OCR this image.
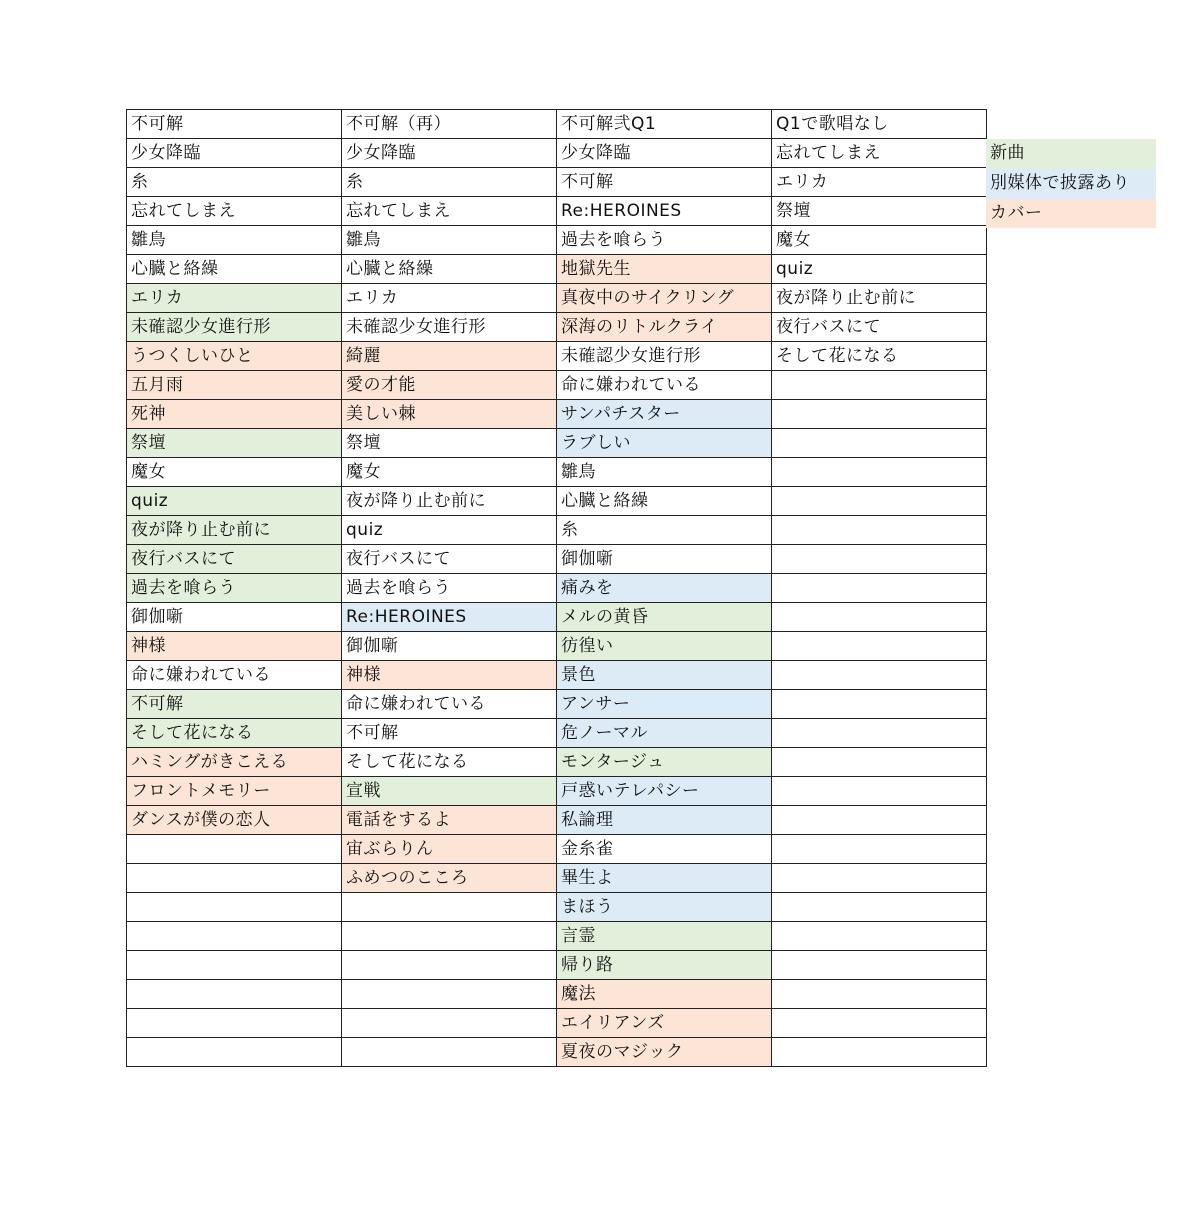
不可解	不可解（再）	不可解弐Q1	Q1で歌唱なし
少女降臨	少女降臨	少女降臨	忘れてしまえ
糸	糸	不可解	エリカ
忘れてしまえ	忘れてしまえ	Re:HEROINES	祭壇
雛鳥	雛鳥	過去を喰らう	魔女
心臓と絡繰	心臓と絡繰	地獄先生	quiz
エリカ	エリカ	真夜中のサイクリング	夜が降り止む前に
未確認少女進行形	未確認少女進行形	深海のリトルクライ	夜行バスにて
うつくしいひと	綺麗	未確認少女進行形	そして花になる
五月雨	愛の才能	命に嫌われている	
死神	美しい棘	サンパチスター	
祭壇	祭壇	ラブしい	
魔女	魔女	雛鳥	
quiz	夜が降り止む前に	心臓と絡繰	
夜が降り止む前に	quiz	糸	
夜行バスにて	夜行バスにて	御伽噺	
過去を喰らう	過去を喰らう	痛みを	
御伽噺	Re:HEROINES	メルの黄昏	
神様	御伽噺	彷徨い	
命に嫌われている	神様	景色	
不可解	命に嫌われている	アンサー	
そして花になる	不可解	危ノーマル	
ハミングがきこえる	そして花になる	モンタージュ	
フロントメモリー	宣戦	戸惑いテレパシー	
ダンスが僕の恋人	電話をするよ	私論理	
	宙ぶらりん	金糸雀	
	ふめつのこころ	畢生よ	
		まほう	
		言霊	
		帰り路	
		魔法	
		エイリアンズ	
		夏夜のマジック	
新曲
別媒体で披露あり
カバー
